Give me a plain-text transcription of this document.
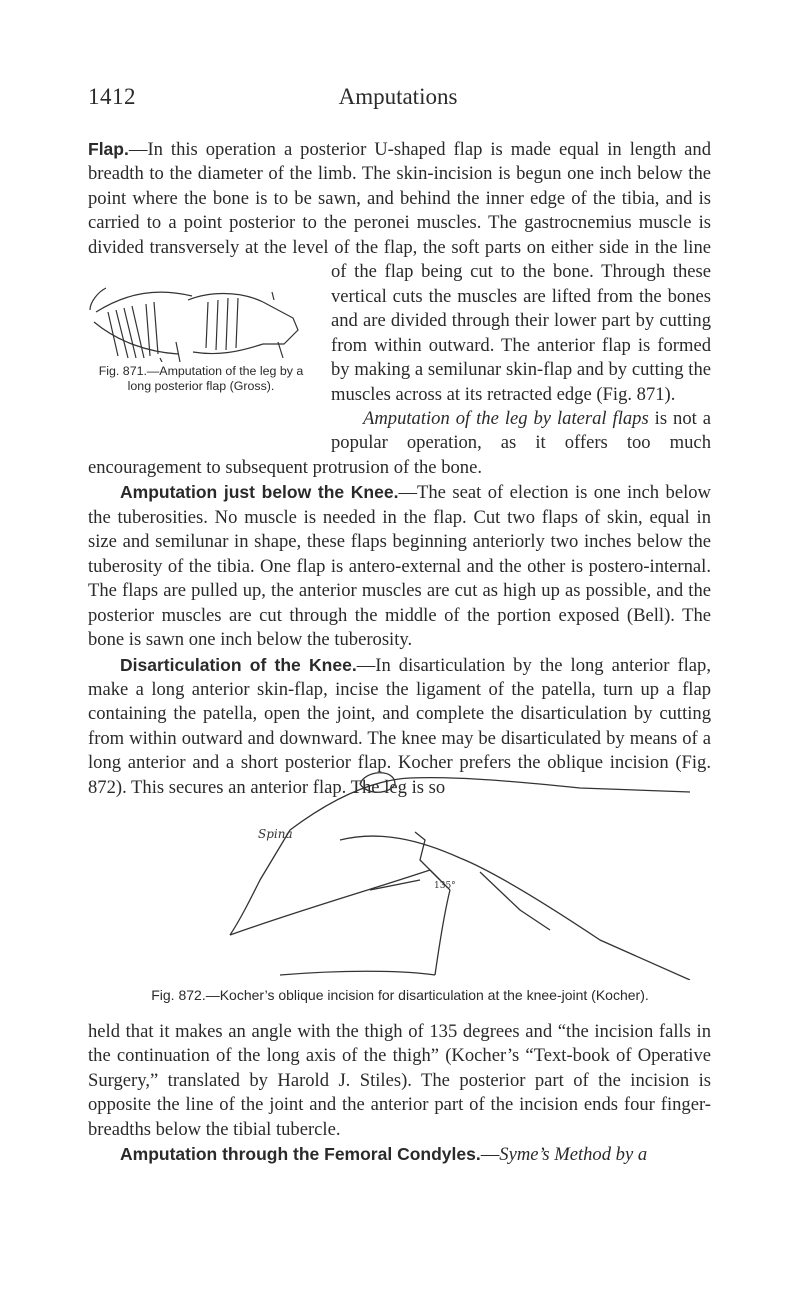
1412	Amputations

Flap.—In this operation a posterior U-shaped flap is made equal in length and breadth to the diameter of the limb. The skin-incision is begun one inch below the point where the bone is to be sawn, and behind the inner edge of the tibia, and is carried to a point posterior to the peronei muscles. The gastrocnemius muscle is divided transversely at the level of the flap, the soft parts on either side in the line of the flap being cut to the bone. Through these vertical cuts the muscles are lifted from the bones and are divided through their lower part by cutting from within outward. The anterior flap is formed by making a semilunar skin-flap and by cutting the muscles across at its retracted edge (Fig. 871).

Amputation of the leg by lateral flaps is not a popular operation, as it offers too much encouragement to subsequent protrusion of the bone.

Amputation just below the Knee.—The seat of election is one inch below the tuberosities. No muscle is needed in the flap. Cut two flaps of skin, equal in size and semilunar in shape, these flaps beginning anteriorly two inches below the tuberosity of the tibia. One flap is antero-external and the other is postero-internal. The flaps are pulled up, the anterior muscles are cut as high up as possible, and the posterior muscles are cut through the middle of the portion exposed (Bell). The bone is sawn one inch below the tuberosity.

Disarticulation of the Knee.—In disarticulation by the long anterior flap, make a long anterior skin-flap, incise the ligament of the patella, turn up a flap containing the patella, open the joint, and complete the disarticulation by cutting from within outward and downward. The knee may be disarticulated by means of a long anterior and a short posterior flap. Kocher prefers the oblique incision (Fig. 872). This secures an anterior flap. The leg is so

Fig. 871.—Amputation of the leg by a long posterior flap (Gross).
Spina
135°
Fig. 872.—Kocher’s oblique incision for disarticulation at the knee-joint (Kocher).

held that it makes an angle with the thigh of 135 degrees and “the incision falls in the continuation of the long axis of the thigh” (Kocher’s “Text-book of Operative Surgery,” translated by Harold J. Stiles). The posterior part of the incision is opposite the line of the joint and the anterior part of the incision ends four finger-breadths below the tibial tubercle.

Amputation through the Femoral Condyles.—Syme’s Method by a
